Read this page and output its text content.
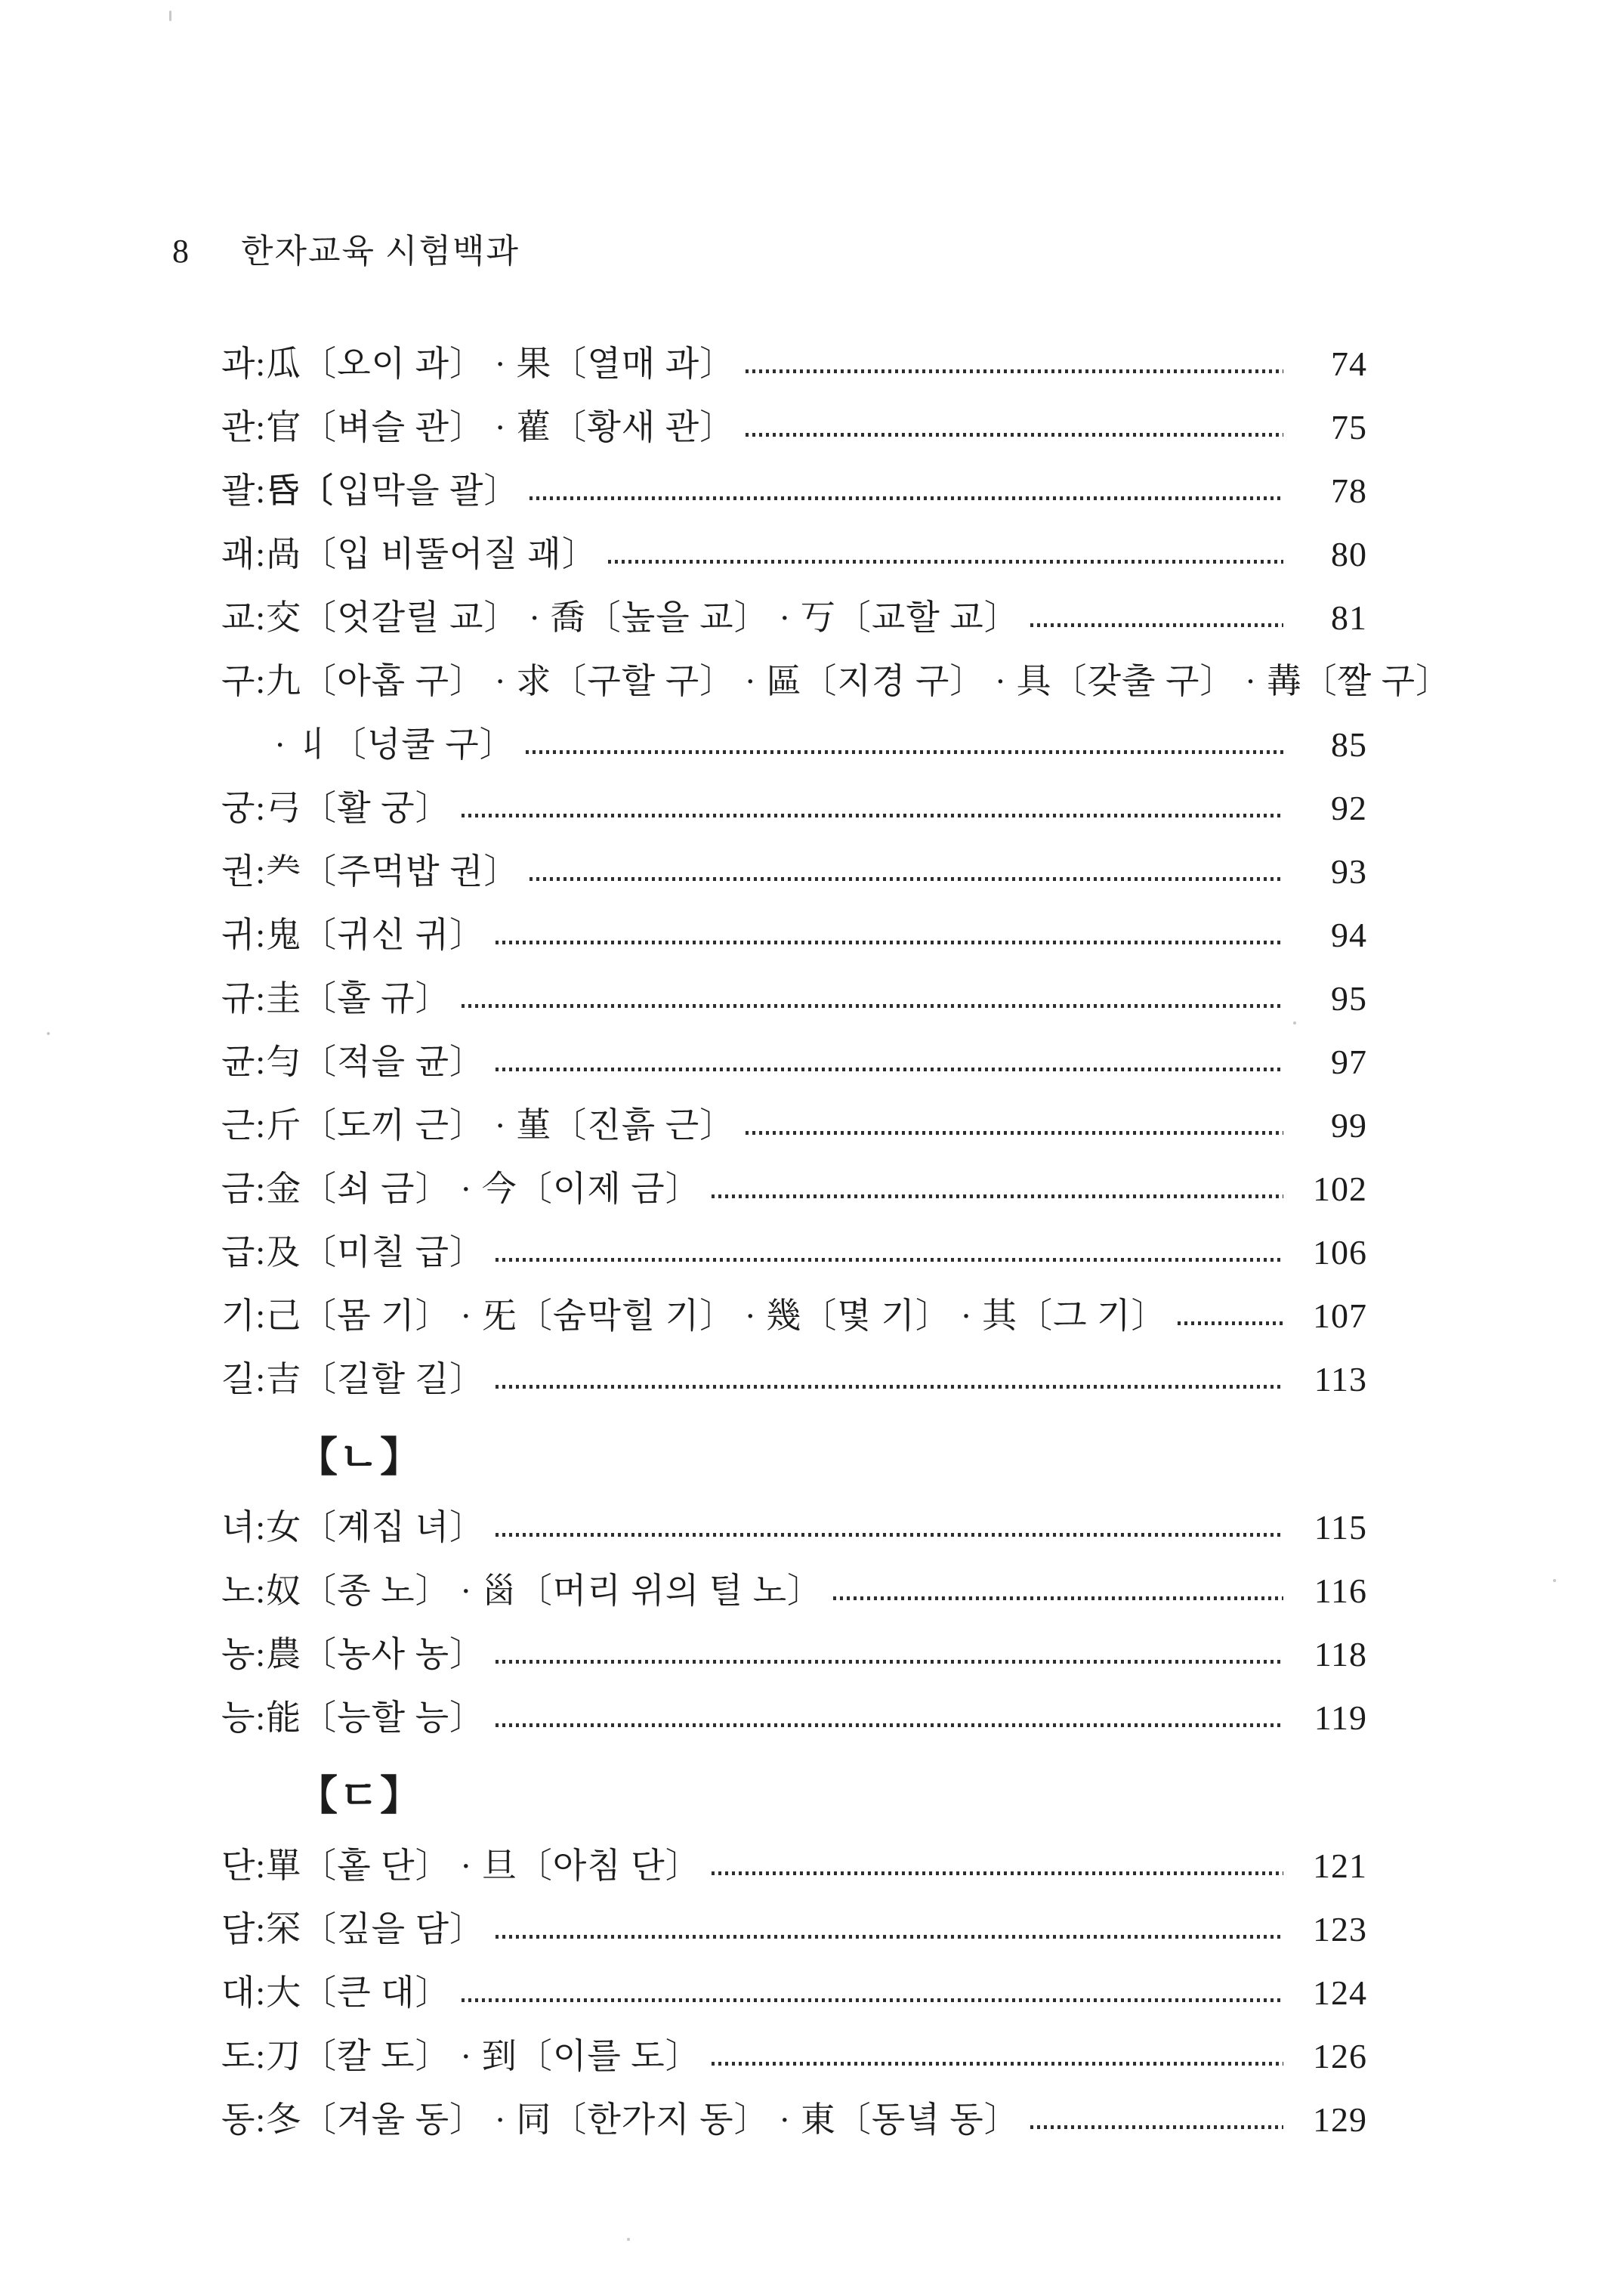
8 한자교육 시험백과
과:瓜〔오이 과〕 · 果〔열매 과〕	74
관:官〔벼슬 관〕 · 雚〔황새 관〕	75
괄:𠯑〔입막을 괄〕	78
괘:咼〔입 비뚤어질 괘〕	80
교:交〔엇갈릴 교〕 · 喬〔높을 교〕 · 丂〔교할 교〕	81
구:九〔아홉 구〕 · 求〔구할 구〕 · 區〔지경 구〕 · 具〔갖출 구〕 · 冓〔짤 구〕
· 丩〔넝쿨 구〕	85
궁:弓〔활 궁〕	92
권:龹〔주먹밥 권〕	93
귀:鬼〔귀신 귀〕	94
규:圭〔홀 규〕	95
균:勻〔적을 균〕	97
근:斤〔도끼 근〕 · 堇〔진흙 근〕	99
금:金〔쇠 금〕 · 今〔이제 금〕	102
급:及〔미칠 급〕	106
기:己〔몸 기〕 · 旡〔숨막힐 기〕 · 幾〔몇 기〕 · 其〔그 기〕	107
길:吉〔길할 길〕	113
【ㄴ】
녀:女〔계집 녀〕	115
노:奴〔종 노〕 · 𡿺〔머리 위의 털 노〕	116
농:農〔농사 농〕	118
능:能〔능할 능〕	119
【ㄷ】
단:單〔홑 단〕 · 旦〔아침 단〕	121
담:罙〔깊을 담〕	123
대:大〔큰 대〕	124
도:刀〔칼 도〕 · 到〔이를 도〕	126
동:冬〔겨울 동〕 · 同〔한가지 동〕 · 東〔동녘 동〕	129
